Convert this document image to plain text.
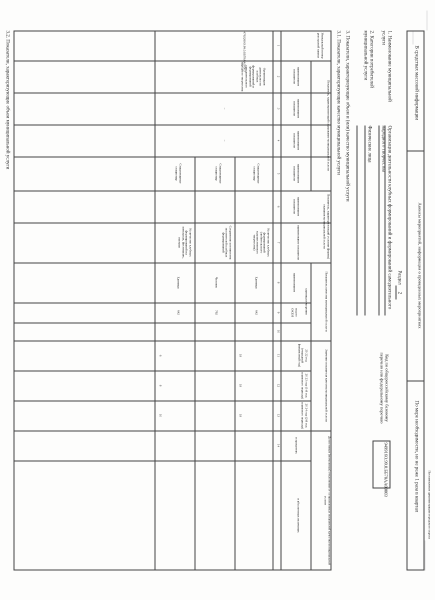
Постановление администрации городского округа
В средствах массовой информации
Анонсы мероприятий, информация о проведенных мероприятиях
По мере необходимости, но не реже 1 раза в квартал
Раздел 2
1. Наименование муниципальной услуги
Организация деятельности клубных формирований и формирований самодеятельного народного творчества
2. Категории потребителей муниципальной услуги
Физические лица
Код по общероссийскому базовому перечню или федеральному перечню
949916О.99.0.ББ78АА00003
3. Показатели, характеризующие объем и (или) качество муниципальной услуги
3.1. Показатели, характеризующие качество муниципальной услуги
Уникальный номер реестровой записи
Показатель, характеризующий содержание муниципальной услуги
Показатель, характеризующий условия (формы) оказания муниципальной услуги
Показатель качества муниципальной услуги
Значение показателя качества муниципальной услуги
Допустимые (возможные) отклонения от установленных показателей качества муниципальной услуги
наименование показателя
наименование показателя
наименование показателя
наименование показателя
наименование показателя
наименование показателя
единица измерения
наименование
код по ОКЕИ
20 22 год (очередной финансовый год)
20 23 год (1-й год планового периода)
20 24 год (2-й год планового периода)
в процентах
в абсолютных величинах
1
2
3
4
5
6
7
8
9
10
11
12
13
14
4763260О.99.0.ББ78АА00003
Организация деятельности клубных формирований и формирований самодеятельного народного творчества
–
–
Стационарные стационар
Количество клубных формирований (любительского художественного творчества)
Единица
642
18
18
18
Стационарные стационар
Сохранение контингента посетителей клубных формирований
Человек
792
Стационарные стационар
Количество клубных формирований на конкурсах, фестивалях, смотрах
Единица
642
6
8
10
3.2. Показатели, характеризующие объем муниципальной услуги
